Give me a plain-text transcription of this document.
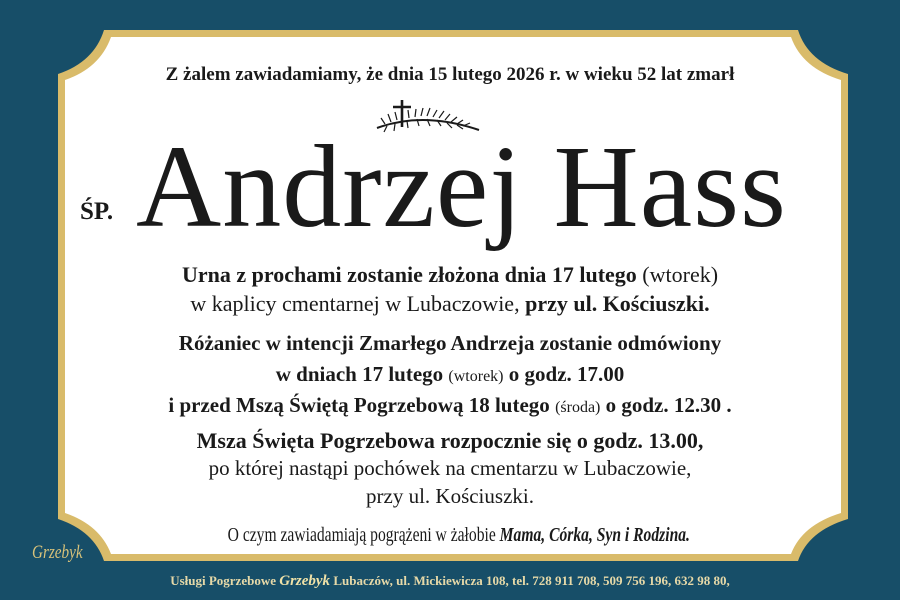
Z żalem zawiadamiamy, że dnia 15 lutego 2026 r. w wieku 52 lat zmarł
ŚP. Andrzej Hass
Urna z prochami zostanie złożona dnia 17 lutego (wtorek)
w kaplicy cmentarnej w Lubaczowie, przy ul. Kościuszki.
Różaniec w intencji Zmarłego Andrzeja zostanie odmówiony
w dniach 17 lutego (wtorek) o godz. 17.00
i przed Mszą Świętą Pogrzebową 18 lutego (środa) o godz. 12.30 .
Msza Święta Pogrzebowa rozpocznie się o godz. 13.00,
po której nastąpi pochówek na cmentarzu w Lubaczowie,
przy ul. Kościuszki.
O czym zawiadamiają pogrążeni w żałobie Mama, Córka, Syn i Rodzina.
Grzebyk
Usługi Pogrzebowe Grzebyk Lubaczów, ul. Mickiewicza 108, tel. 728 911 708, 509 756 196, 632 98 80,
